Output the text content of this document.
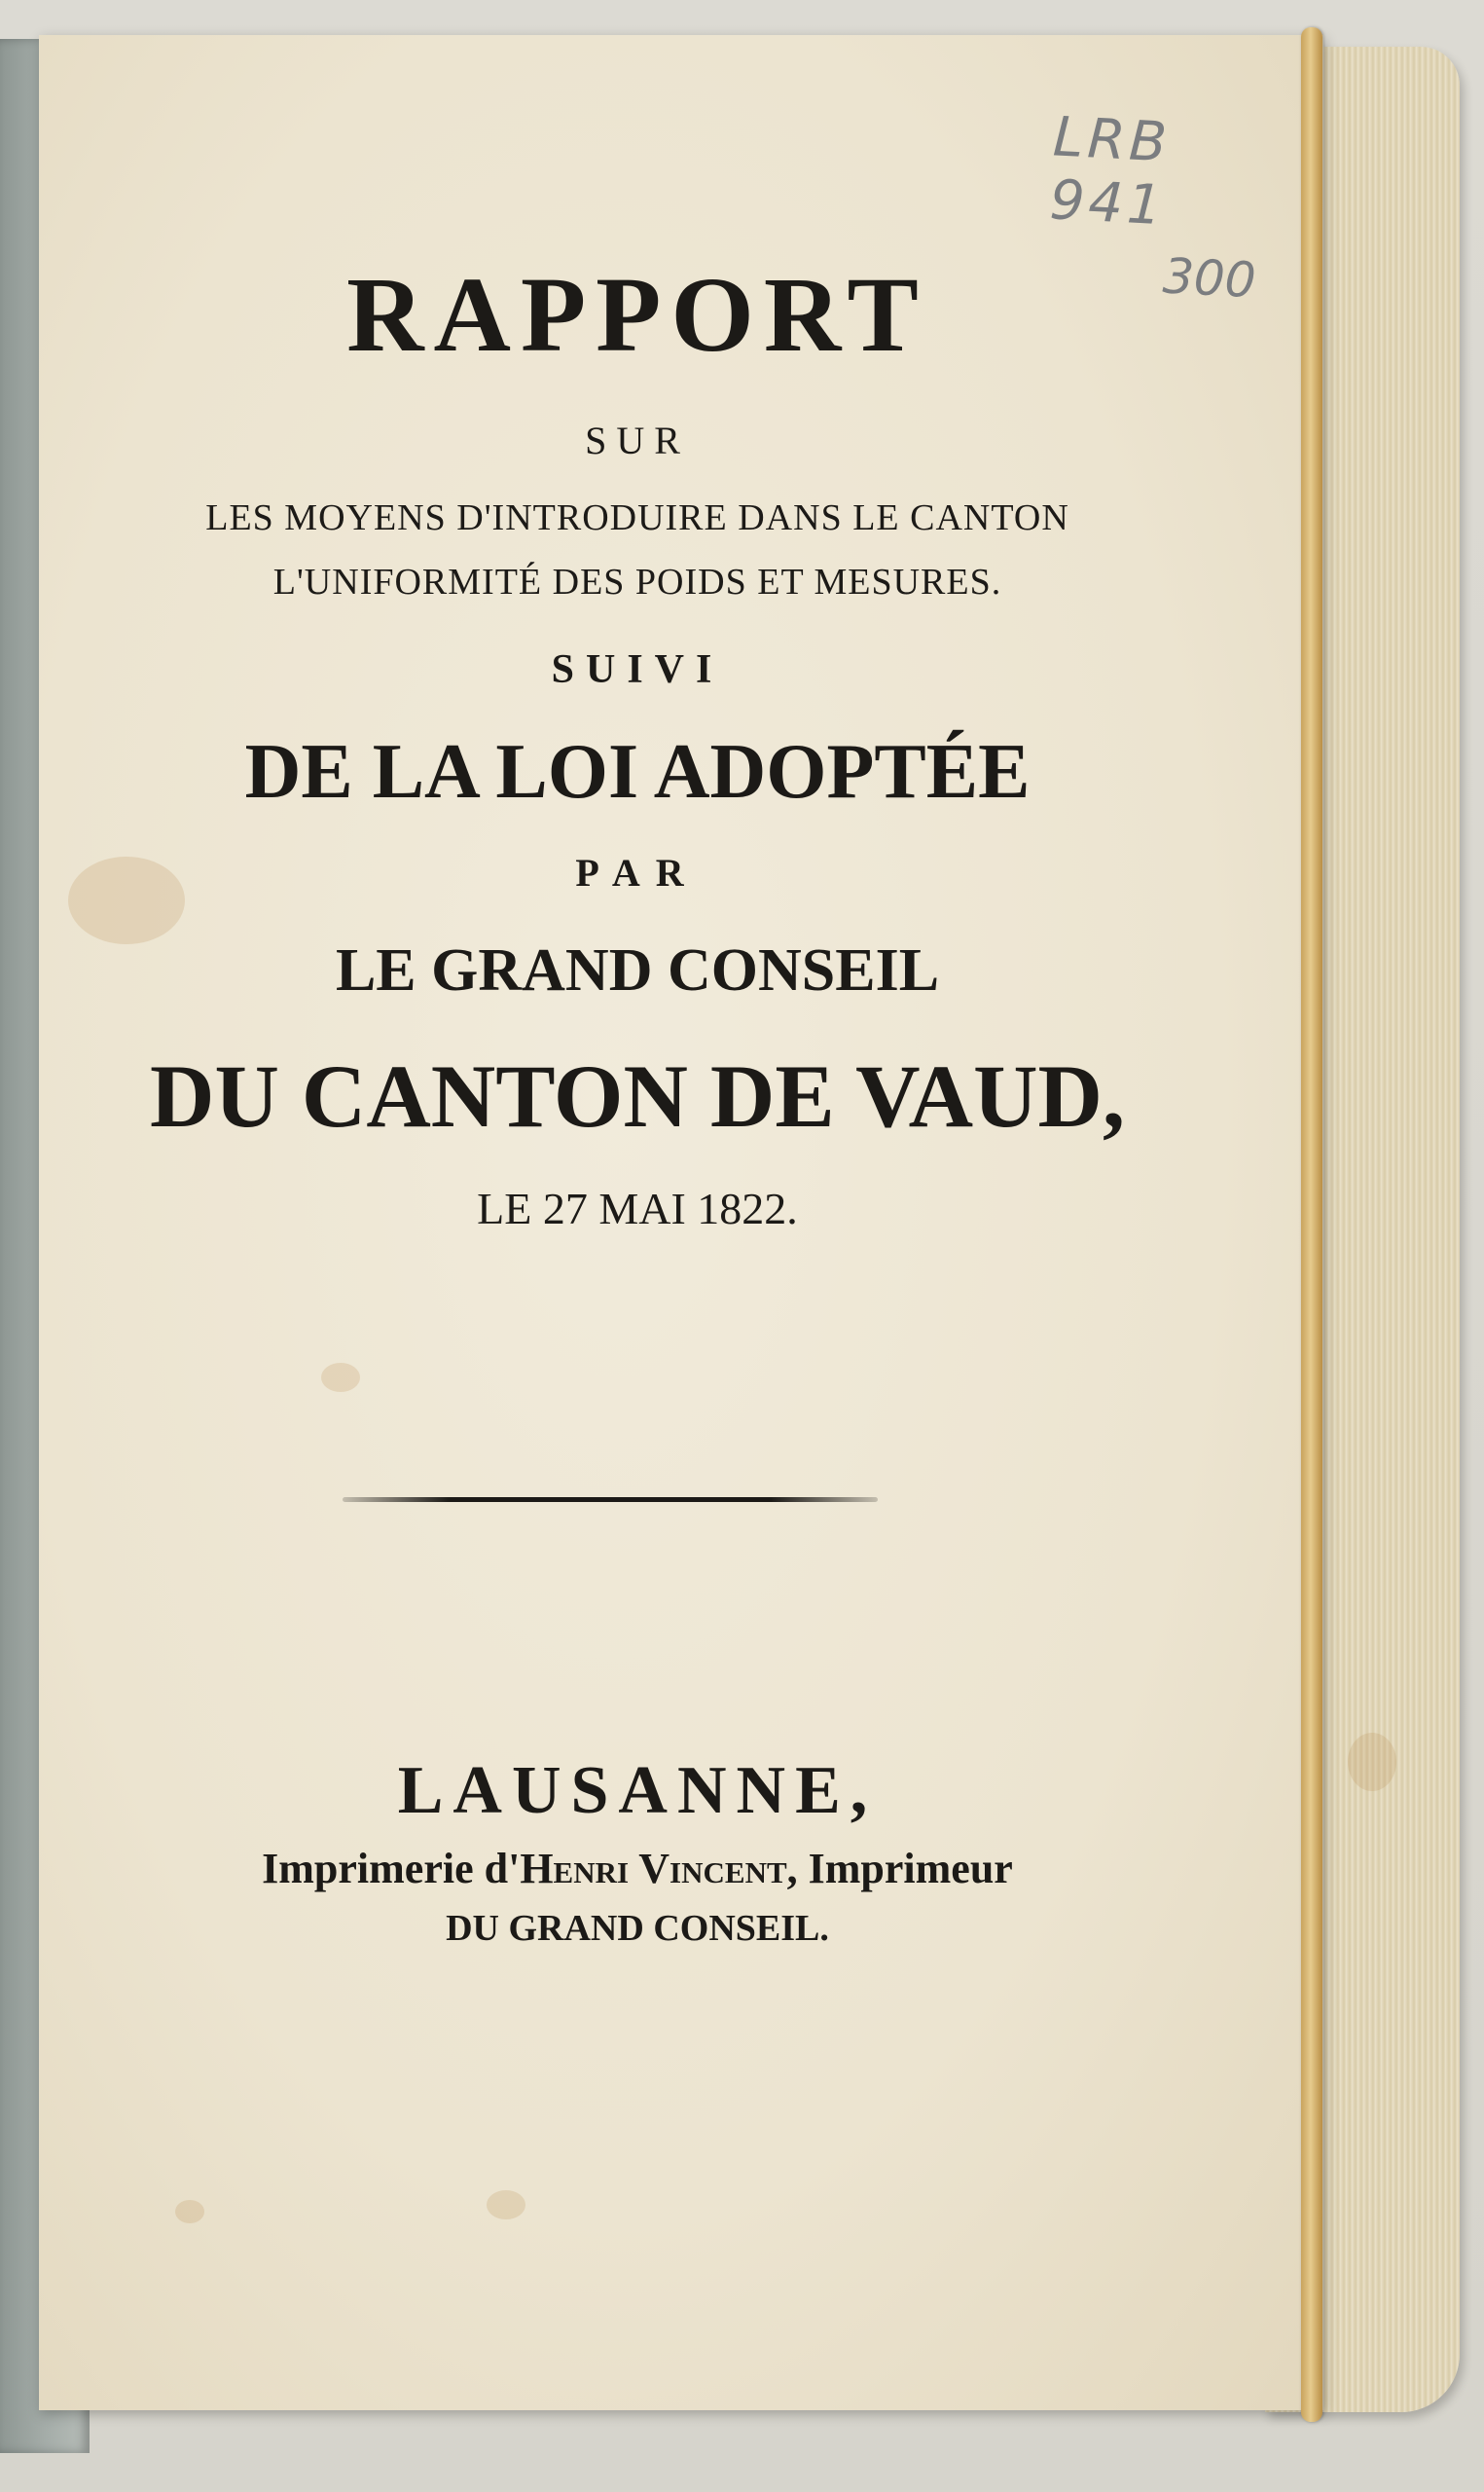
LRB 941
300
RAPPORT
SUR
LES MOYENS D'INTRODUIRE DANS LE CANTON
L'UNIFORMITÉ DES POIDS ET MESURES.
SUIVI
DE LA LOI ADOPTÉE
PAR
LE GRAND CONSEIL
DU CANTON DE VAUD,
LE 27 MAI 1822.
LAUSANNE,
Imprimerie d'Henri Vincent, Imprimeur
DU GRAND CONSEIL.
